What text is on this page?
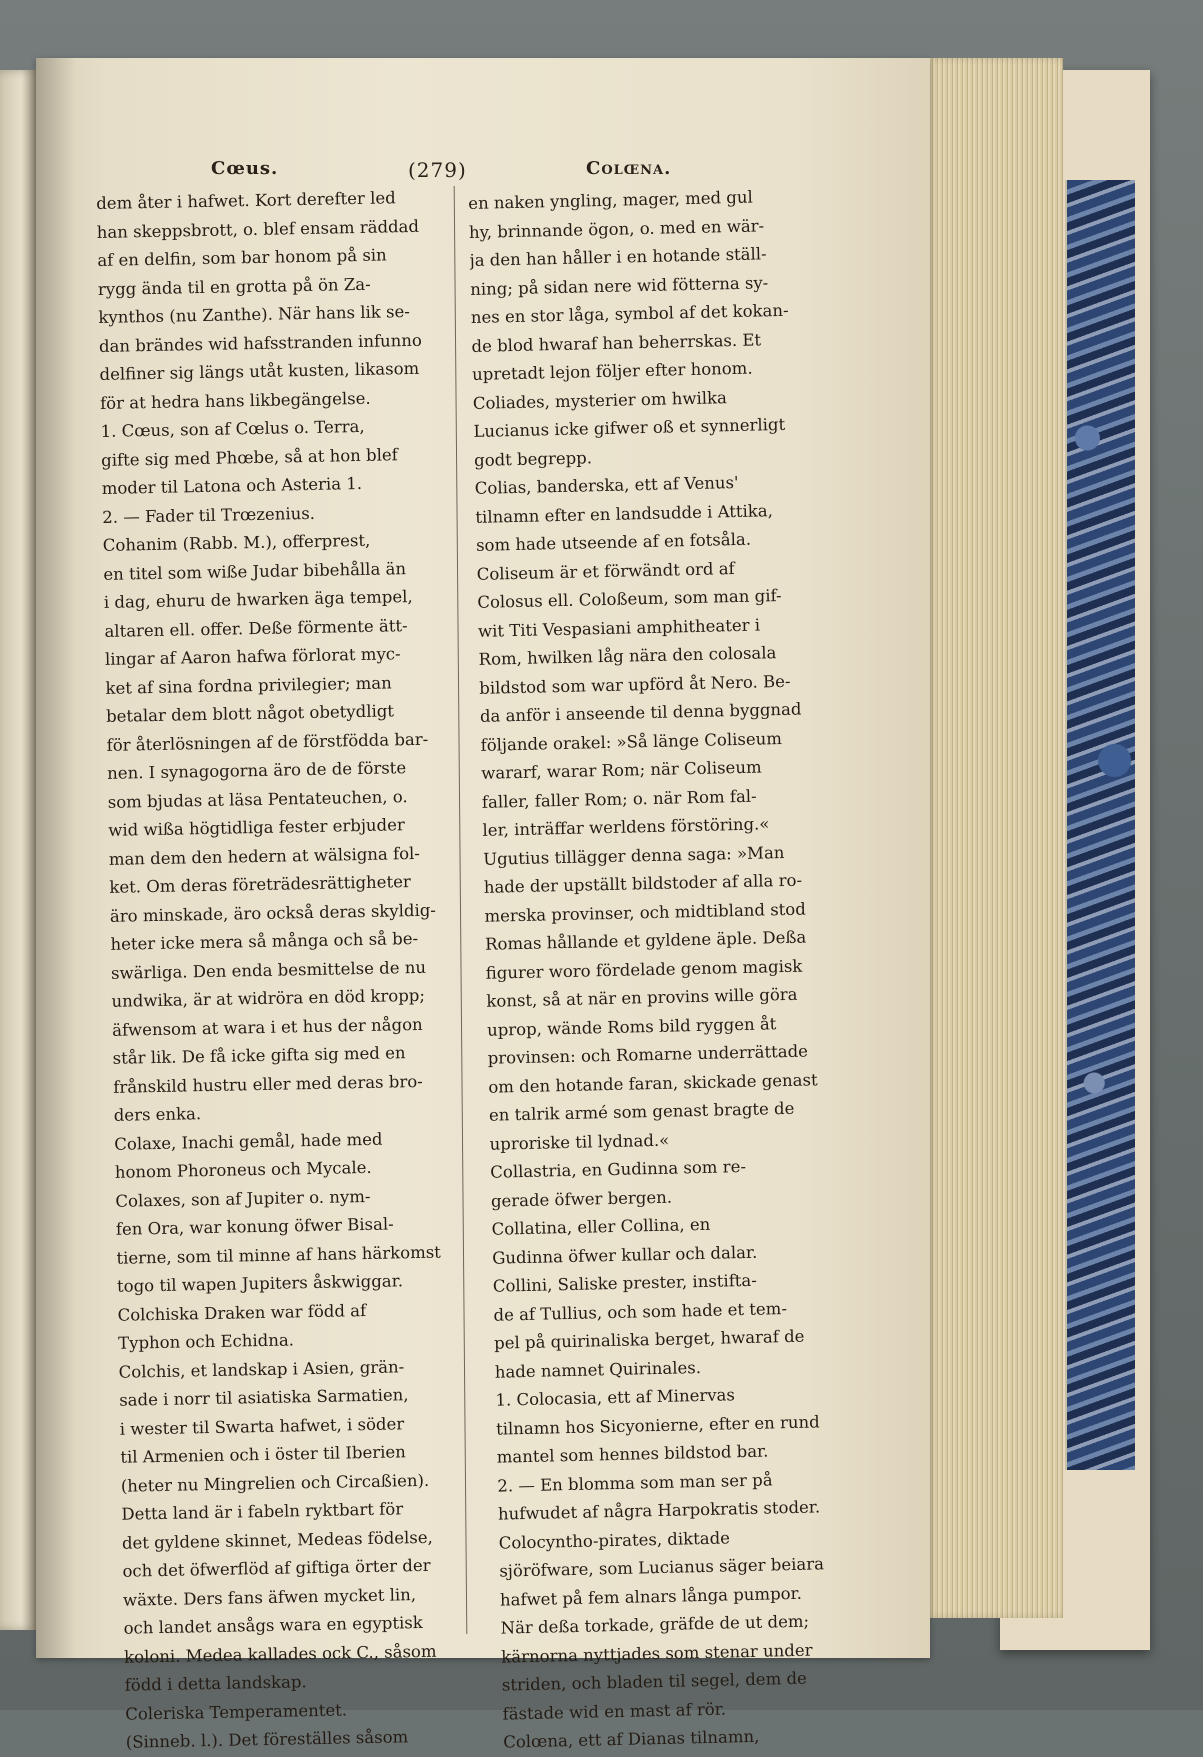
Cœus.	(279)	Colœna.
dem åter i hafwet. Kort derefter led
han skeppsbrott, o. blef ensam räddad
af en delfin, som bar honom på sin
rygg ända til en grotta på ön Za-
kynthos (nu Zanthe). När hans lik se-
dan brändes wid hafsstranden infunno
delfiner sig längs utåt kusten, likasom
för at hedra hans likbegängelse.
1. Cœus, son af Cœlus o. Terra,
gifte sig med Phœbe, så at hon blef
moder til Latona och Asteria 1.
2. — Fader til Trœzenius.
Cohanim (Rabb. M.), offerprest,
en titel som wiße Judar bibehålla än
i dag, ehuru de hwarken äga tempel,
altaren ell. offer. Deße förmente ätt-
lingar af Aaron hafwa förlorat myc-
ket af sina fordna privilegier; man
betalar dem blott något obetydligt
för återlösningen af de förstfödda bar-
nen. I synagogorna äro de de förste
som bjudas at läsa Pentateuchen, o.
wid wißa högtidliga fester erbjuder
man dem den hedern at wälsigna fol-
ket. Om deras företrädesrättigheter
äro minskade, äro också deras skyldig-
heter icke mera så många och så be-
swärliga. Den enda besmittelse de nu
undwika, är at widröra en död kropp;
äfwensom at wara i et hus der någon
står lik. De få icke gifta sig med en
frånskild hustru eller med deras bro-
ders enka.
Colaxe, Inachi gemål, hade med
honom Phoroneus och Mycale.
Colaxes, son af Jupiter o. nym-
fen Ora, war konung öfwer Bisal-
tierne, som til minne af hans härkomst
togo til wapen Jupiters åskwiggar.
Colchiska Draken war född af
Typhon och Echidna.
Colchis, et landskap i Asien, grän-
sade i norr til asiatiska Sarmatien,
i wester til Swarta hafwet, i söder
til Armenien och i öster til Iberien
(heter nu Mingrelien och Circaßien).
Detta land är i fabeln ryktbart för
det gyldene skinnet, Medeas födelse,
och det öfwerflöd af giftiga örter der
wäxte. Ders fans äfwen mycket lin,
och landet ansågs wara en egyptisk
koloni. Medea kallades ock C., såsom
född i detta landskap.
Coleriska Temperamentet.
(Sinneb. l.). Det föreställes såsom
en naken yngling, mager, med gul
hy, brinnande ögon, o. med en wär-
ja den han håller i en hotande ställ-
ning; på sidan nere wid fötterna sy-
nes en stor låga, symbol af det kokan-
de blod hwaraf han beherrskas. Et
upretadt lejon följer efter honom.
Coliades, mysterier om hwilka
Lucianus icke gifwer oß et synnerligt
godt begrepp.
Colias, banderska, ett af Venus'
tilnamn efter en landsudde i Attika,
som hade utseende af en fotsåla.
Coliseum är et förwändt ord af
Colosus ell. Coloßeum, som man gif-
wit Titi Vespasiani amphitheater i
Rom, hwilken låg nära den colosala
bildstod som war upförd åt Nero. Be-
da anför i anseende til denna byggnad
följande orakel: »Så länge Coliseum
wararf, warar Rom; när Coliseum
faller, faller Rom; o. när Rom fal-
ler, inträffar werldens förstöring.«
Ugutius tillägger denna saga: »Man
hade der upställt bildstoder af alla ro-
merska provinser, och midtibland stod
Romas hållande et gyldene äple. Deßa
figurer woro fördelade genom magisk
konst, så at när en provins wille göra
uprор, wände Roms bild ryggen åt
provinsen: och Romarne underrättade
om den hotande faran, skickade genast
en talrik armé som genast bragte de
uproriske til lydnad.«
Collastria, en Gudinna som re-
gerade öfwer bergen.
Collatina, eller Collina, en
Gudinna öfwer kullar och dalar.
Collini, Saliske prester, instifta-
de af Tullius, och som hade et tem-
pel på quirinaliska berget, hwaraf de
hade namnet Quirinales.
1. Colocasia, ett af Minervas
tilnamn hos Sicyonierne, efter en rund
mantel som hennes bildstod bar.
2. — En blomma som man ser på
hufwudet af några Harpokratis stoder.
Colocyntho-pirates, diktade
sjöröfware, som Lucianus säger beiara
hafwet på fem alnars långa pumpor.
När deßa torkade, gräfde de ut dem;
kärnorna nyttjades som stenar under
striden, och bladen til segel, dem de
fästade wid en mast af rör.
Colœna, ett af Dianas tilnamn,
